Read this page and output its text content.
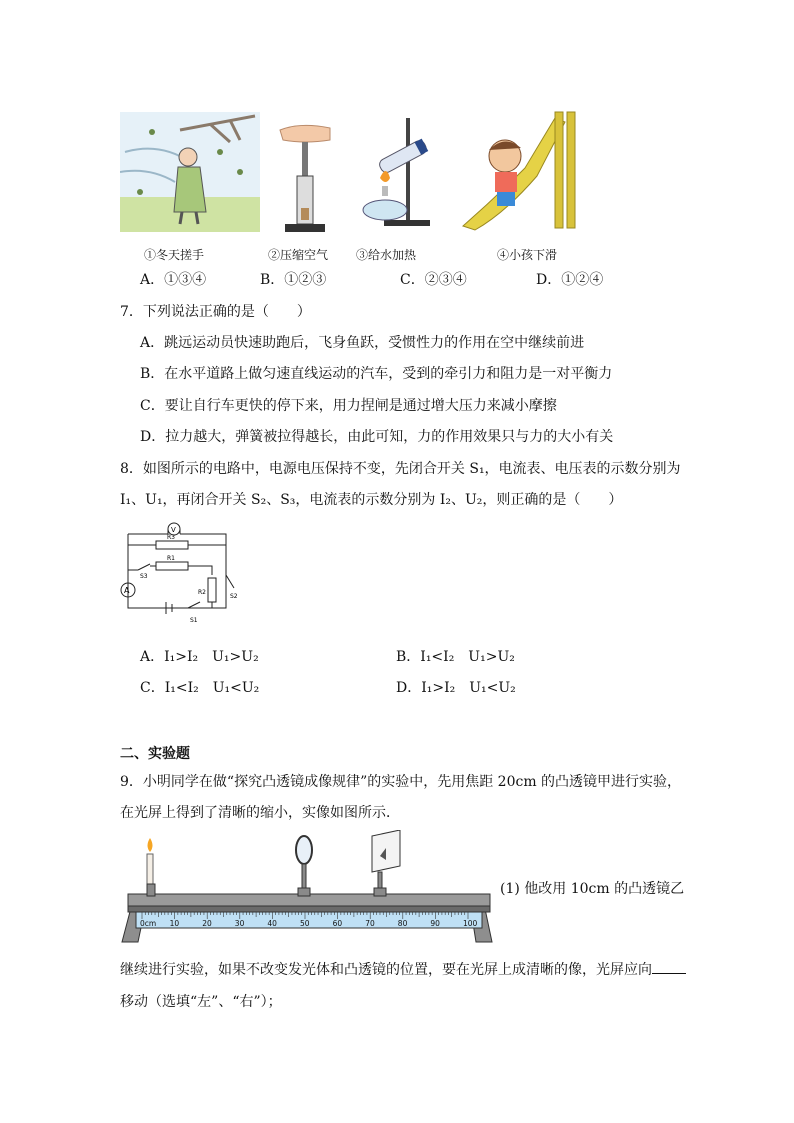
①冬天搓手	②压缩空气 ③给水加热	④小孩下滑
A．①③④	B．①②③	C．②③④	D．①②④
7．下列说法正确的是（　　）
A．跳远运动员快速助跑后，飞身鱼跃，受惯性力的作用在空中继续前进
B．在水平道路上做匀速直线运动的汽车，受到的牵引力和阻力是一对平衡力
C．要让自行车更快的停下来，用力捏闸是通过增大压力来减小摩擦
D．拉力越大，弹簧被拉得越长，由此可知，力的作用效果只与力的大小有关
8．如图所示的电路中，电源电压保持不变，先闭合开关 S₁，电流表、电压表的示数分别为
I₁、U₁，再闭合开关 S₂、S₃，电流表的示数分别为 I₂、U₂，则正确的是（　　）
V
R3
R1
S3
A	R2
S2
S1
A．I₁>I₂　U₁>U₂	B．I₁<I₂　U₁>U₂
C．I₁<I₂　U₁<U₂	D．I₁>I₂　U₁<U₂
二、实验题
9．小明同学在做“探究凸透镜成像规律”的实验中，先用焦距 20cm 的凸透镜甲进行实验，
在光屏上得到了清晰的缩小，实像如图所示．
0cm 10	20	30	40	50	60	70	80	90	100
(1) 他改用 10cm 的凸透镜乙
继续进行实验，如果不改变发光体和凸透镜的位置，要在光屏上成清晰的像，光屏应向
移动（选填“左”、“右”）；
